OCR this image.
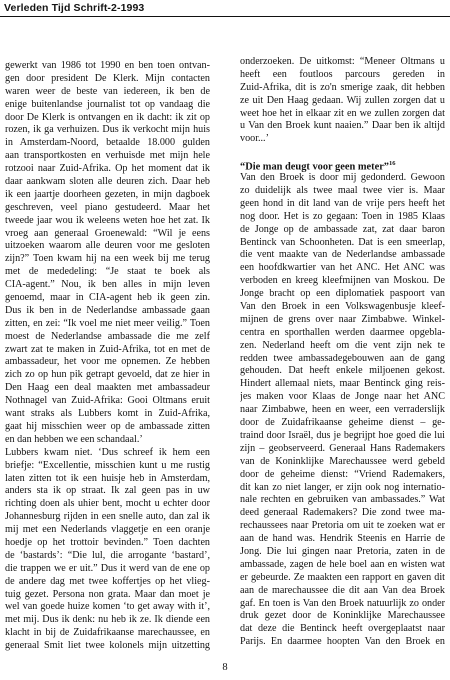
Verleden Tijd Schrift-2-1993
gewerkt van 1986 tot 1990 en ben toen ontvan-
gen door president De Klerk. Mijn contacten
waren weer de beste van iedereen, ik ben de
enige buitenlandse journalist tot op vandaag die
door De Klerk is ontvangen en ik dacht: ik zit op
rozen, ik ga verhuizen. Dus ik verkocht mijn huis
in Amsterdam-Noord, betaalde 18.000 gulden
aan transportkosten en verhuisde met mijn hele
rotzooi naar Zuid-Afrika. Op het moment dat ik
daar aankwam sloten alle deuren zich. Daar heb
ik een jaartje doorheen gezeten, in mijn dagboek
geschreven, veel piano gestudeerd. Maar het
tweede jaar wou ik weleens weten hoe het zat. Ik
vroeg aan generaal Groenewald: “Wil je eens
uitzoeken waarom alle deuren voor me gesloten
zijn?” Toen kwam hij na een week bij me terug
met de mededeling: “Je staat te boek als
CIA-agent.” Nou, ik ben alles in mijn leven
genoemd, maar in CIA-agent heb ik geen zin.
Dus ik ben in de Nederlandse ambassade gaan
zitten, en zei: “Ik voel me niet meer veilig.” Toen
moest de Nederlandse ambassade die me zelf
zwart zat te maken in Zuid-Afrika, tot en met de
ambassadeur, het voor me opnemen. Ze hebben
zich zo op hun pik getrapt gevoeld, dat ze hier in
Den Haag een deal maakten met ambassadeur
Nothnagel van Zuid-Afrika: Gooi Oltmans eruit
want straks als Lubbers komt in Zuid-Afrika,
gaat hij misschien weer op de ambassade zitten
en dan hebben we een schandaal.’
Lubbers kwam niet. ‘Dus schreef ik hem een
briefje: “Excellentie, misschien kunt u me rustig
laten zitten tot ik een huisje heb in Amsterdam,
anders sta ik op straat. Ik zal geen pas in uw
richting doen als uhier bent, mocht u echter door
Johannesburg rijden in een snelle auto, dan zal ik
mij met een Nederlands vlaggetje en een oranje
hoedje op het trottoir bevinden.” Toen dachten
de ‘bastards’: “Die lul, die arrogante ‘bastard’,
die trappen we er uit.” Dus it werd van de ene op
de andere dag met twee koffertjes op het vlieg-
tuig gezet. Persona non grata. Maar dan moet je
wel van goede huize komen ‘to get away with it’,
met mij. Dus ik denk: nu heb ik ze. Ik diende een
klacht in bij de Zuidafrikaanse marechaussee, en
generaal Smit liet twee kolonels mijn uitzetting
onderzoeken. De uitkomst: “Meneer Oltmans u
heeft een foutloos parcours gereden in
Zuid-Afrika, dit is zo'n smerige zaak, dit hebben
ze uit Den Haag gedaan. Wij zullen zorgen dat u
weet hoe het in elkaar zit en we zullen zorgen dat
u Van den Broek kunt naaien.” Daar ben ik altijd
voor...’
“Die man deugt voor geen meter”$^{16}$
Van den Broek is door mij gedonderd. Gewoon
zo duidelijk als twee maal twee vier is. Maar
geen hond in dit land van de vrije pers heeft het
nog door. Het is zo gegaan: Toen in 1985 Klaas
de Jonge op de ambassade zat, zat daar baron
Bentinck van Schoonheten. Dat is een smeerlap,
die vent maakte van de Nederlandse ambassade
een hoofdkwartier van het ANC. Het ANC was
verboden en kreeg kleefmijnen van Moskou. De
Jonge bracht op een diplomatiek paspoort van
Van den Broek in een Volkswagenbusje kleef-
mijnen de grens over naar Zimbabwe. Winkel-
centra en sporthallen werden daarmee opgebla-
zen. Nederland heeft om die vent zijn nek te
redden twee ambassadegebouwen aan de gang
gehouden. Dat heeft enkele miljoenen gekost.
Hindert allemaal niets, maar Bentinck ging reis-
jes maken voor Klaas de Jonge naar het ANC
naar Zimbabwe, heen en weer, een verraderslijk
door de Zuidafrikaanse geheime dienst – ge-
traind door Israël, dus je begrijpt hoe goed die lui
zijn – geobserveerd. Generaal Hans Rademakers
van de Koninklijke Marechaussee werd gebeld
door de geheime dienst: “Vriend Rademakers,
dit kan zo niet langer, er zijn ook nog internatio-
nale rechten en gebruiken van ambassades.” Wat
deed generaal Rademakers? Die zond twee ma-
rechaussees naar Pretoria om uit te zoeken wat er
aan de hand was. Hendrik Steenis en Harrie de
Jong. Die lui gingen naar Pretoria, zaten in de
ambassade, zagen de hele boel aan en wisten wat
er gebeurde. Ze maakten een rapport en gaven dit
aan de marechaussee die dit aan Van dea Broek
gaf. En toen is Van den Broek natuurlijk zo onder
druk gezet door de Koninklijke Marechaussee
dat deze die Bentinck heeft overgeplaatst naar
Parijs. En daarmee hoopten Van den Broek en
8
